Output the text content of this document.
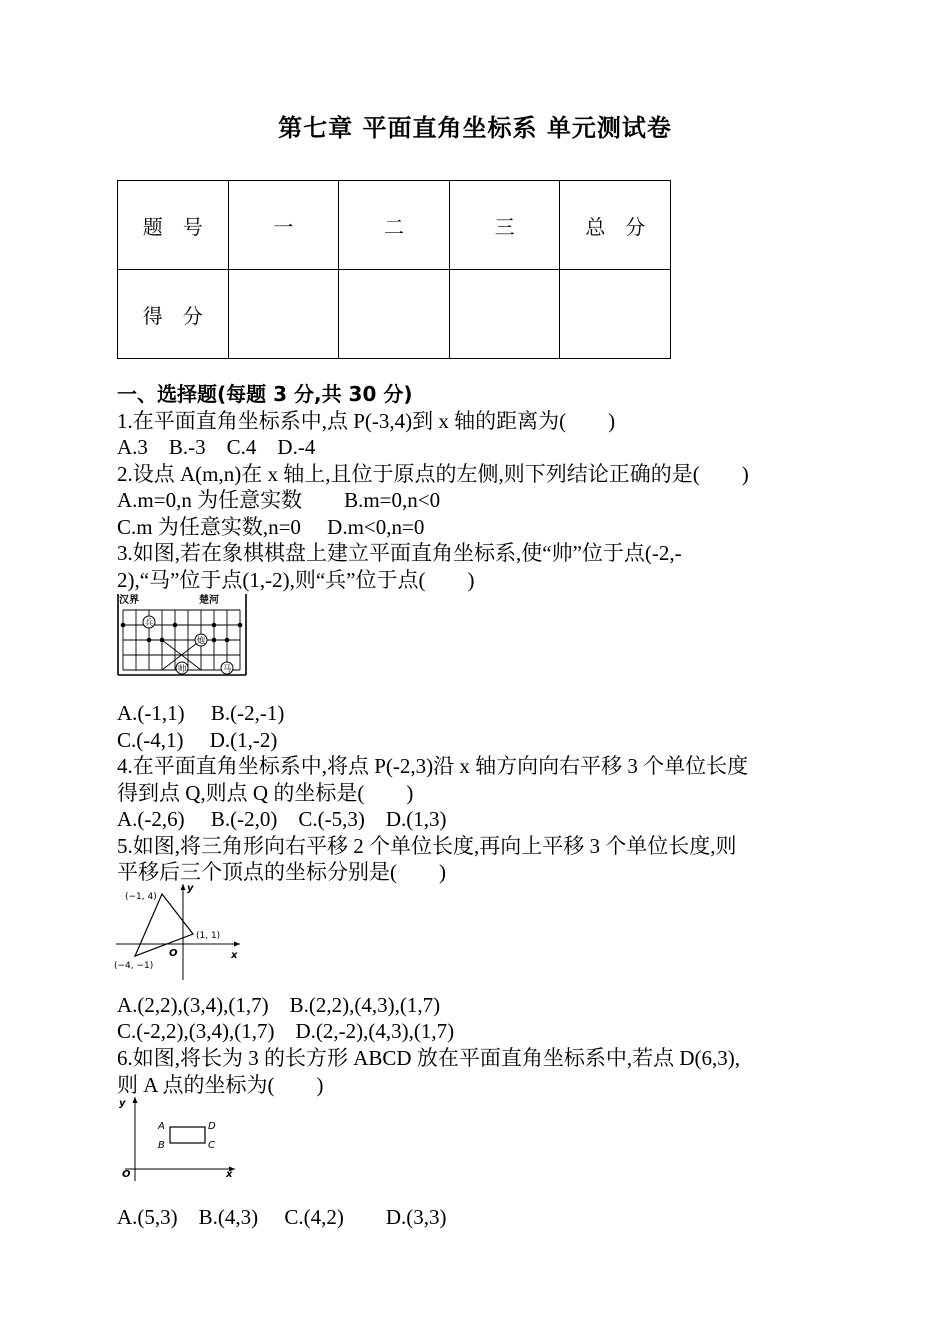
第七章 平面直角坐标系 单元测试卷
题　号	一	二	三	总　分
得　分				
一、选择题(每题 3 分,共 30 分)
1.在平面直角坐标系中,点 P(-3,4)到 x 轴的距离为(　　)
A.3　B.-3　C.4　D.-4
2.设点 A(m,n)在 x 轴上,且位于原点的左侧,则下列结论正确的是(　　)
A.m=0,n 为任意实数　　B.m=0,n<0
C.m 为任意实数,n=0　 D.m<0,n=0
3.如图,若在象棋棋盘上建立平面直角坐标系,使“帅”位于点(-2,-
2),“马”位于点(1,-2),则“兵”位于点(　　)
汉界	楚河
兵
炮
帅	马
A.(-1,1)　 B.(-2,-1)
C.(-4,1)　 D.(1,-2)
4.在平面直角坐标系中,将点 P(-2,3)沿 x 轴方向向右平移 3 个单位长度
得到点 Q,则点 Q 的坐标是(　　)
A.(-2,6)　 B.(-2,0)　C.(-5,3)　D.(1,3)
5.如图,将三角形向右平移 2 个单位长度,再向上平移 3 个单位长度,则
平移后三个顶点的坐标分别是(　　)
(−1, 4)
(1, 1)
(−4, −1)
O	x
y
A.(2,2),(3,4),(1,7)　B.(2,2),(4,3),(1,7)
C.(-2,2),(3,4),(1,7)　D.(2,-2),(4,3),(1,7)
6.如图,将长为 3 的长方形 ABCD 放在平面直角坐标系中,若点 D(6,3),
则 A 点的坐标为(　　)
A
B	C
D
O	x
y
A.(5,3)　B.(4,3)　 C.(4,2)　　D.(3,3)
